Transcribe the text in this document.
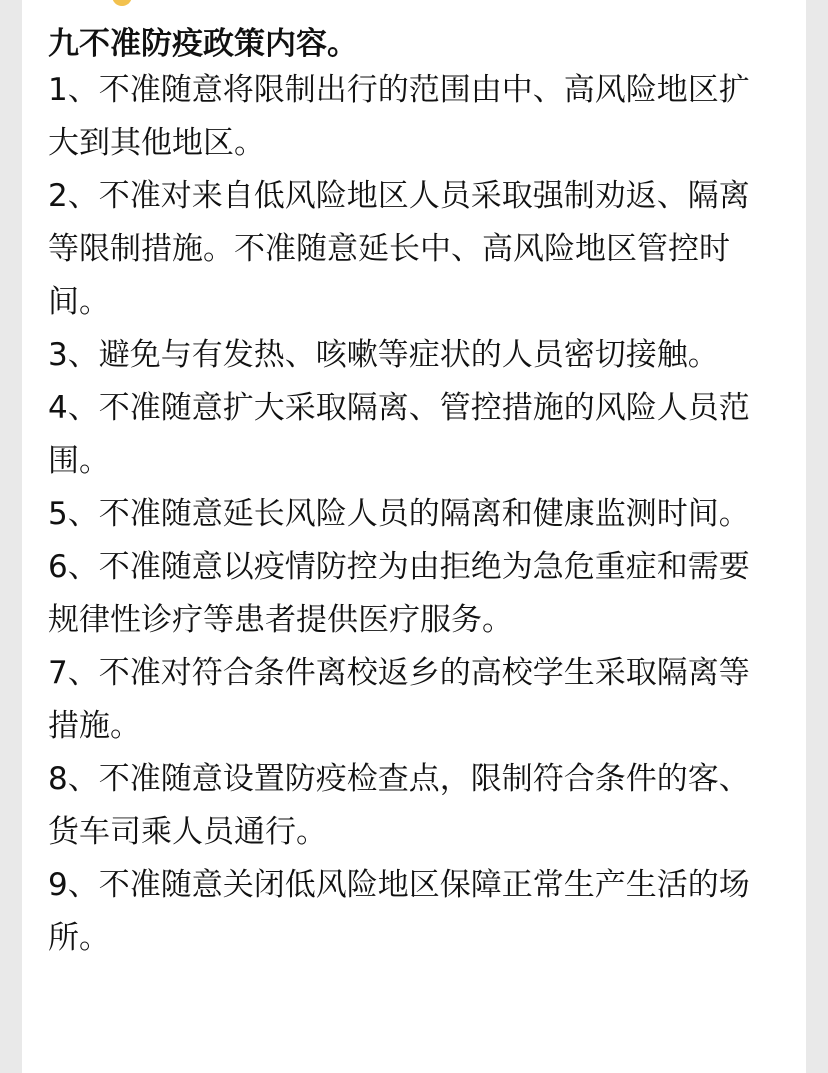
九不准防疫政策内容。
1、不准随意将限制出行的范围由中、高风险地区扩大到其他地区。
2、不准对来自低风险地区人员采取强制劝返、隔离等限制措施。不准随意延长中、高风险地区管控时间。
3、避免与有发热、咳嗽等症状的人员密切接触。
4、不准随意扩大采取隔离、管控措施的风险人员范围。
5、不准随意延长风险人员的隔离和健康监测时间。
6、不准随意以疫情防控为由拒绝为急危重症和需要规律性诊疗等患者提供医疗服务。
7、不准对符合条件离校返乡的高校学生采取隔离等措施。
8、不准随意设置防疫检查点，限制符合条件的客、货车司乘人员通行。
9、不准随意关闭低风险地区保障正常生产生活的场所。
